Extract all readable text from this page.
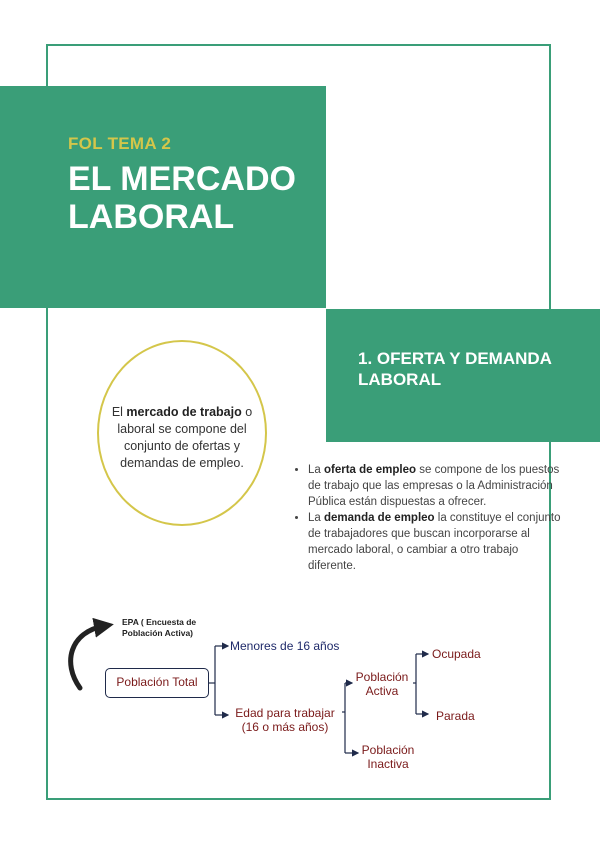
FOL TEMA 2
EL MERCADO LABORAL
1. OFERTA Y DEMANDA LABORAL
El mercado de trabajo o laboral se compone del conjunto de ofertas y demandas de empleo.
•	La oferta de empleo se compone de los puestos de trabajo que las empresas o la Administración Pública están dispuestas a ofrecer.
• La demanda de empleo la constituye el conjunto de trabajadores que buscan incorporarse al mercado laboral, o cambiar a otro trabajo diferente.
EPA ( Encuesta de
Población Activa)
Población Total
Menores de 16 años
Edad para trabajar
(16 o más años)
Población
Activa
Población
Inactiva
Ocupada
Parada
